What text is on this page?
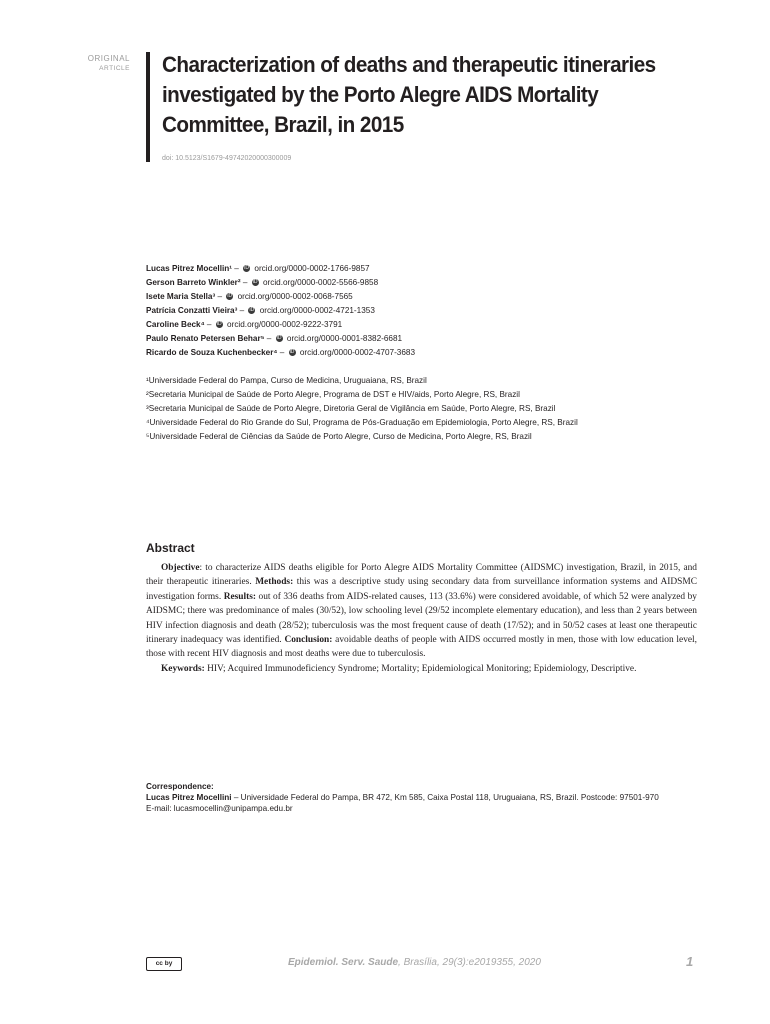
ORIGINAL
ARTICLE Characterization of deaths and therapeutic itineraries investigated by the Porto Alegre AIDS Mortality Committee, Brazil, in 2015
doi: 10.5123/S1679-49742020000300009
Lucas Pitrez Mocellin¹ – iD orcid.org/0000-0002-1766-9857
Gerson Barreto Winkler² – iD orcid.org/0000-0002-5566-9858
Isete Maria Stella³ – iD orcid.org/0000-0002-0068-7565
Patrícia Conzatti Vieira³ – iD orcid.org/0000-0002-4721-1353
Caroline Beck⁴ – iD orcid.org/0000-0002-9222-3791
Paulo Renato Petersen Behar⁵ – iD orcid.org/0000-0001-8382-6681
Ricardo de Souza Kuchenbecker⁴ – iD orcid.org/0000-0002-4707-3683
¹Universidade Federal do Pampa, Curso de Medicina, Uruguaiana, RS, Brazil
²Secretaria Municipal de Saúde de Porto Alegre, Programa de DST e HIV/aids, Porto Alegre, RS, Brazil
³Secretaria Municipal de Saúde de Porto Alegre, Diretoria Geral de Vigilância em Saúde, Porto Alegre, RS, Brazil
⁴Universidade Federal do Rio Grande do Sul, Programa de Pós-Graduação em Epidemiologia, Porto Alegre, RS, Brazil
⁵Universidade Federal de Ciências da Saúde de Porto Alegre, Curso de Medicina, Porto Alegre, RS, Brazil
Abstract

Objective: to characterize AIDS deaths eligible for Porto Alegre AIDS Mortality Committee (AIDSMC) investigation, Brazil, in 2015, and their therapeutic itineraries. Methods: this was a descriptive study using secondary data from surveillance information systems and AIDSMC investigation forms. Results: out of 336 deaths from AIDS-related causes, 113 (33.6%) were considered avoidable, of which 52 were analyzed by AIDSMC; there was predominance of males (30/52), low schooling level (29/52 incomplete elementary education), and less than 2 years between HIV infection diagnosis and death (28/52); tuberculosis was the most frequent cause of death (17/52); and in 50/52 cases at least one therapeutic itinerary inadequacy was identified. Conclusion: avoidable deaths of people with AIDS occurred mostly in men, those with low education level, those with recent HIV diagnosis and most deaths were due to tuberculosis.

Keywords: HIV; Acquired Immunodeficiency Syndrome; Mortality; Epidemiological Monitoring; Epidemiology, Descriptive.

Correspondence:
Lucas Pitrez Mocellini – Universidade Federal do Pampa, BR 472, Km 585, Caixa Postal 118, Uruguaiana, RS, Brazil. Postcode: 97501-970
E-mail: lucasmocellin@unipampa.edu.br
cc by	Epidemiol. Serv. Saude, Brasília, 29(3):e2019355, 2020	1
